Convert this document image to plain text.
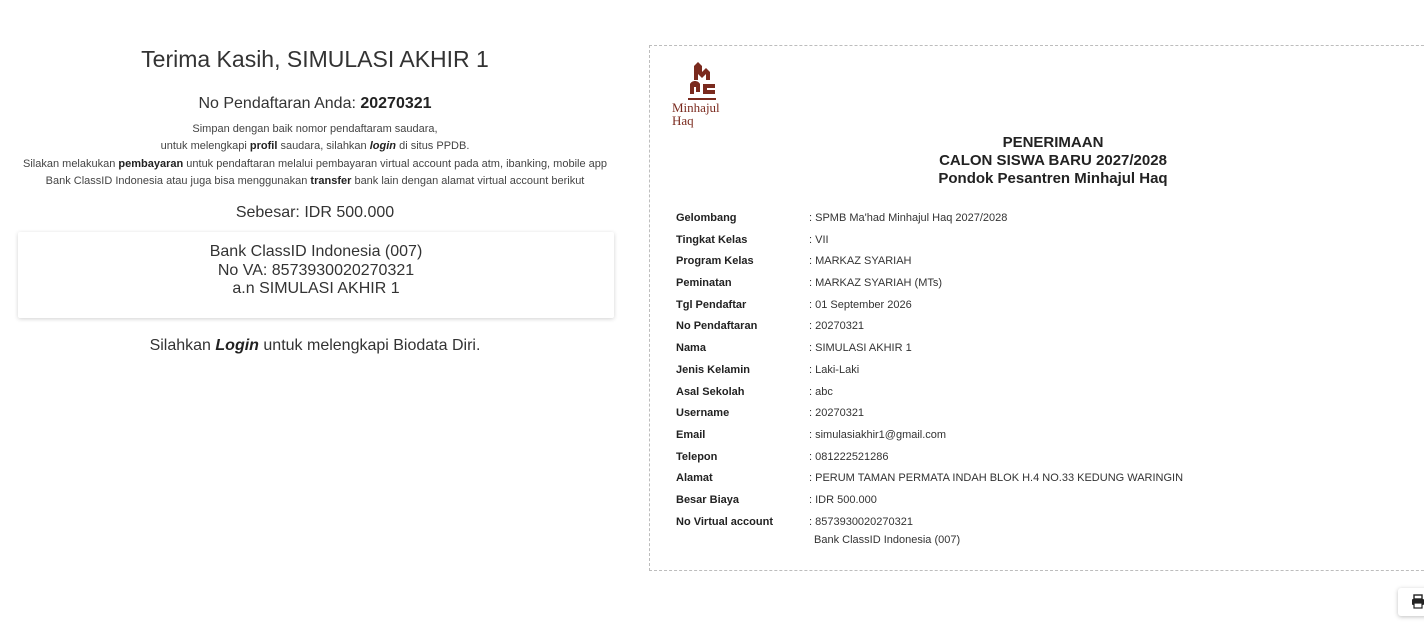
Terima Kasih, SIMULASI AKHIR 1
No Pendaftaran Anda: 20270321
Simpan dengan baik nomor pendaftaram saudara,
untuk melengkapi profil saudara, silahkan login di situs PPDB.
Silakan melakukan pembayaran untuk pendaftaran melalui pembayaran virtual account pada atm, ibanking, mobile app
Bank ClassID Indonesia atau juga bisa menggunakan transfer bank lain dengan alamat virtual account berikut
Sebesar: IDR 500.000
Bank ClassID Indonesia (007)
No VA: 8573930020270321
a.n SIMULASI AKHIR 1
Silahkan Login untuk melengkapi Biodata Diri.
Minhajul
Haq
PENERIMAAN
CALON SISWA BARU 2027/2028
Pondok Pesantren Minhajul Haq
Gelombang	: SPMB Ma'had Minhajul Haq 2027/2028
Tingkat Kelas	: VII
Program Kelas	: MARKAZ SYARIAH
Peminatan	: MARKAZ SYARIAH (MTs)
Tgl Pendaftar	: 01 September 2026
No Pendaftaran	: 20270321
Nama	: SIMULASI AKHIR 1
Jenis Kelamin	: Laki-Laki
Asal Sekolah	: abc
Username	: 20270321
Email	: simulasiakhir1@gmail.com
Telepon	: 081222521286
Alamat	: PERUM TAMAN PERMATA INDAH BLOK H.4 NO.33 KEDUNG WARINGIN
Besar Biaya	: IDR 500.000
No Virtual account	: 8573930020270321
Bank ClassID Indonesia (007)
